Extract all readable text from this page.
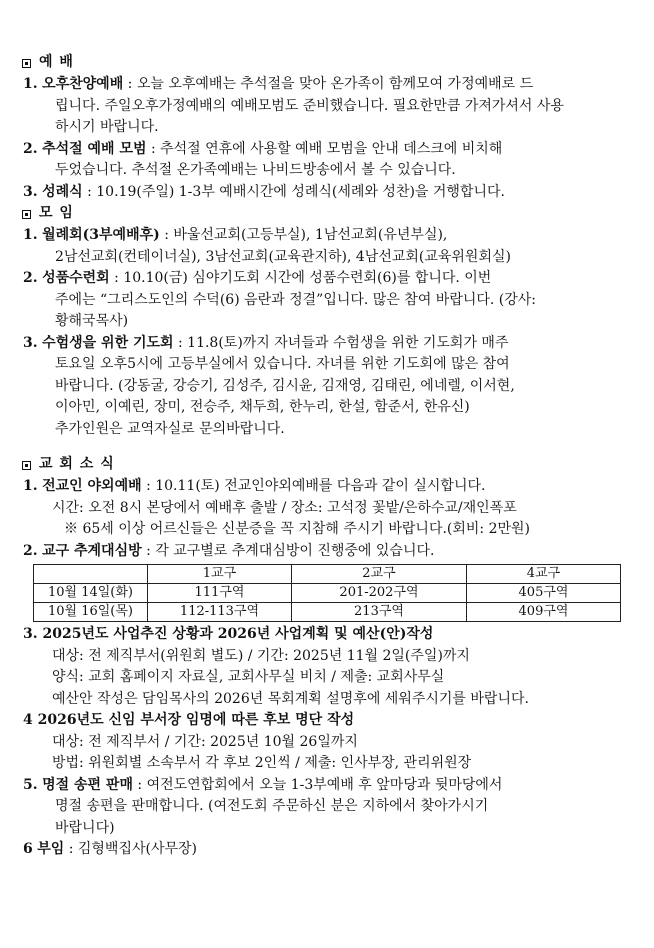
예 배
1. 오후찬양예배 : 오늘 오후예배는 추석절을 맞아 온가족이 함께모여 가정예배로 드
립니다. 주일오후가정예배의 예배모범도 준비했습니다. 필요한만큼 가져가셔서 사용
하시기 바랍니다.
2. 추석절 예배 모범 : 추석절 연휴에 사용할 예배 모범을 안내 데스크에 비치해
두었습니다. 추석절 온가족예배는 나비드방송에서 볼 수 있습니다.
3. 성례식 : 10.19(주일) 1-3부 예배시간에 성례식(세례와 성찬)을 거행합니다.
모 임
1. 월례회(3부예배후) : 바울선교회(고등부실), 1남선교회(유년부실),
2남선교회(컨테이너실), 3남선교회(교육관지하), 4남선교회(교육위원회실)
2. 성품수련회 : 10.10(금) 심야기도회 시간에 성품수련회(6)를 합니다. 이번
주에는 “그리스도인의 수덕(6) 음란과 정결”입니다. 많은 참여 바랍니다. (강사:
황해국목사)
3. 수험생을 위한 기도회 : 11.8(토)까지 자녀들과 수험생을 위한 기도회가 매주
토요일 오후5시에 고등부실에서 있습니다. 자녀를 위한 기도회에 많은 참여
바랍니다. (강동굴, 강승기, 김성주, 김시윤, 김재영, 김태린, 에네렐, 이서현,
이아민, 이예린, 장미, 전승주, 채두희, 한누리, 한설, 함준서, 한유신)
추가인원은 교역자실로 문의바랍니다.
교 회 소 식
1. 전교인 야외예배 : 10.11(토) 전교인야외예배를 다음과 같이 실시합니다.
시간: 오전 8시 본당에서 예배후 출발 / 장소: 고석정 꽃밭/은하수교/재인폭포
※ 65세 이상 어르신들은 신분증을 꼭 지참해 주시기 바랍니다.(회비: 2만원)
2. 교구 추계대심방 : 각 교구별로 추계대심방이 진행중에 있습니다.
	1교구	2교구	4교구
10월 14일(화)	111구역	201-202구역	405구역
10월 16일(목)	112-113구역	213구역	409구역
3. 2025년도 사업추진 상황과 2026년 사업계획 및 예산(안)작성
대상: 전 제직부서(위원회 별도) / 기간: 2025년 11월 2일(주일)까지
양식: 교회 홈페이지 자료실, 교회사무실 비치 / 제출: 교회사무실
예산안 작성은 담임목사의 2026년 목회계획 설명후에 세워주시기를 바랍니다.
4 2026년도 신임 부서장 임명에 따른 후보 명단 작성
대상: 전 제직부서 / 기간: 2025년 10월 26일까지
방법: 위원회별 소속부서 각 후보 2인씩 / 제출: 인사부장, 관리위원장
5. 명절 송편 판매 : 여전도연합회에서 오늘 1-3부예배 후 앞마당과 뒷마당에서
명절 송편을 판매합니다. (여전도회 주문하신 분은 지하에서 찾아가시기
바랍니다)
6 부임 : 김형백집사(사무장)
